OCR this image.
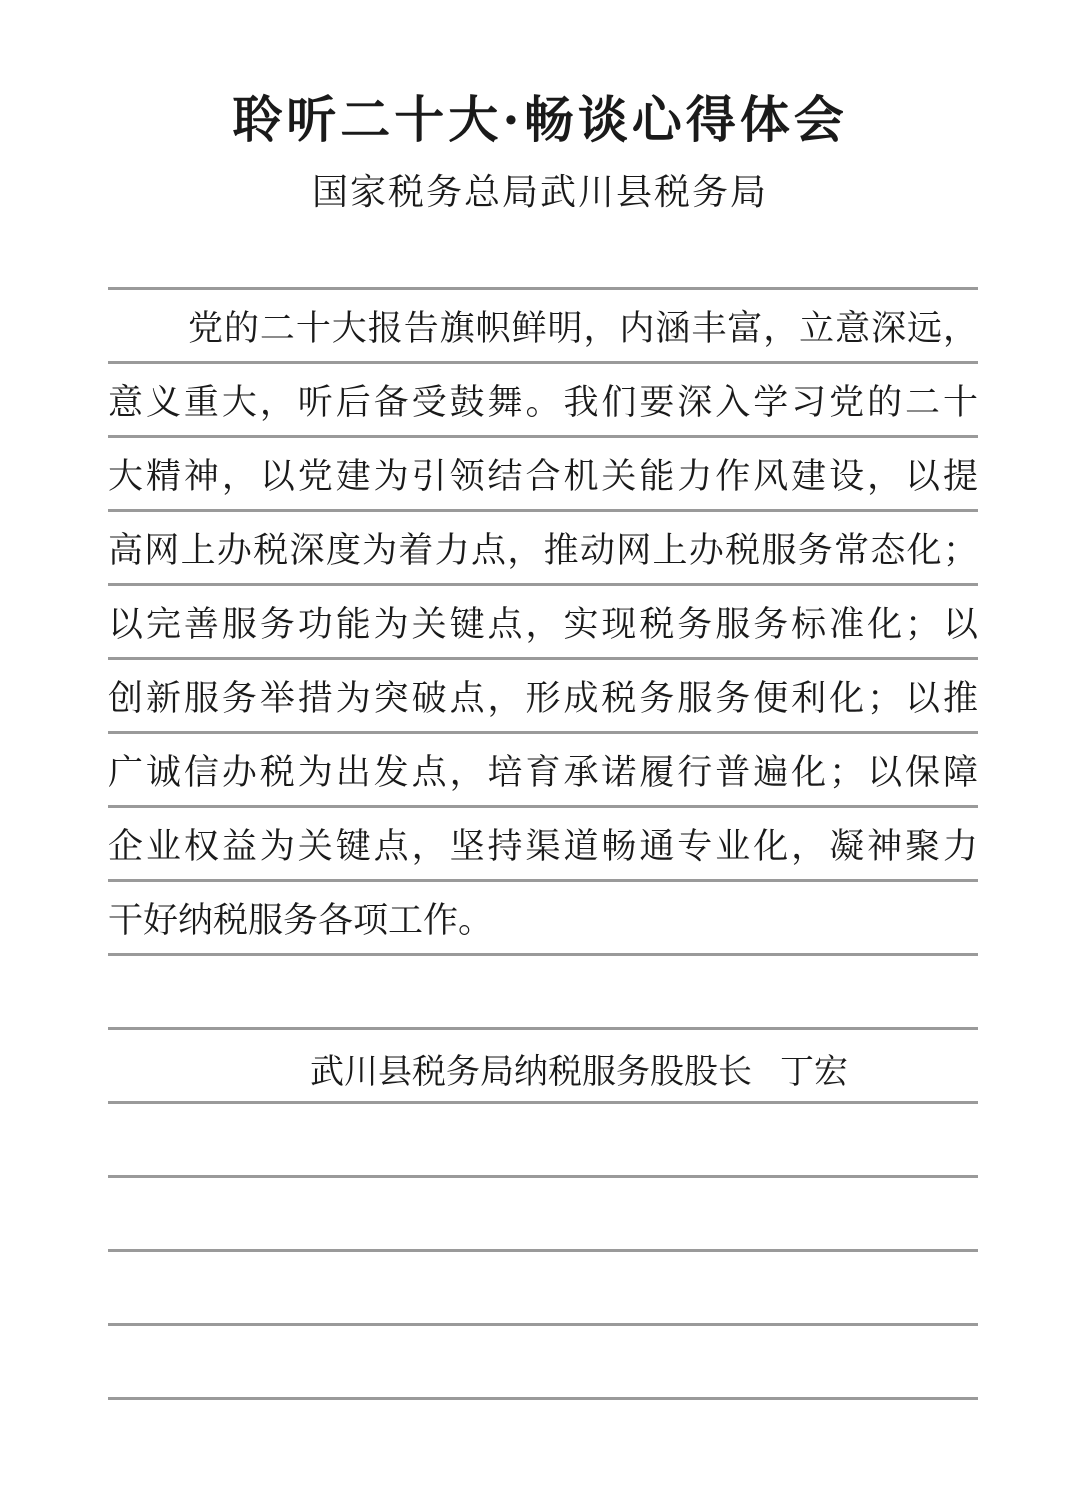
聆听二十大·畅谈心得体会
国家税务总局武川县税务局
党的二十大报告旗帜鲜明，内涵丰富，立意深远，
意义重大，听后备受鼓舞。我们要深入学习党的二十
大精神，以党建为引领结合机关能力作风建设，以提
高网上办税深度为着力点，推动网上办税服务常态化；
以完善服务功能为关键点，实现税务服务标准化；以
创新服务举措为突破点，形成税务服务便利化；以推
广诚信办税为出发点，培育承诺履行普遍化；以保障
企业权益为关键点，坚持渠道畅通专业化，凝神聚力
干好纳税服务各项工作。
武川县税务局纳税服务股股长 丁宏
